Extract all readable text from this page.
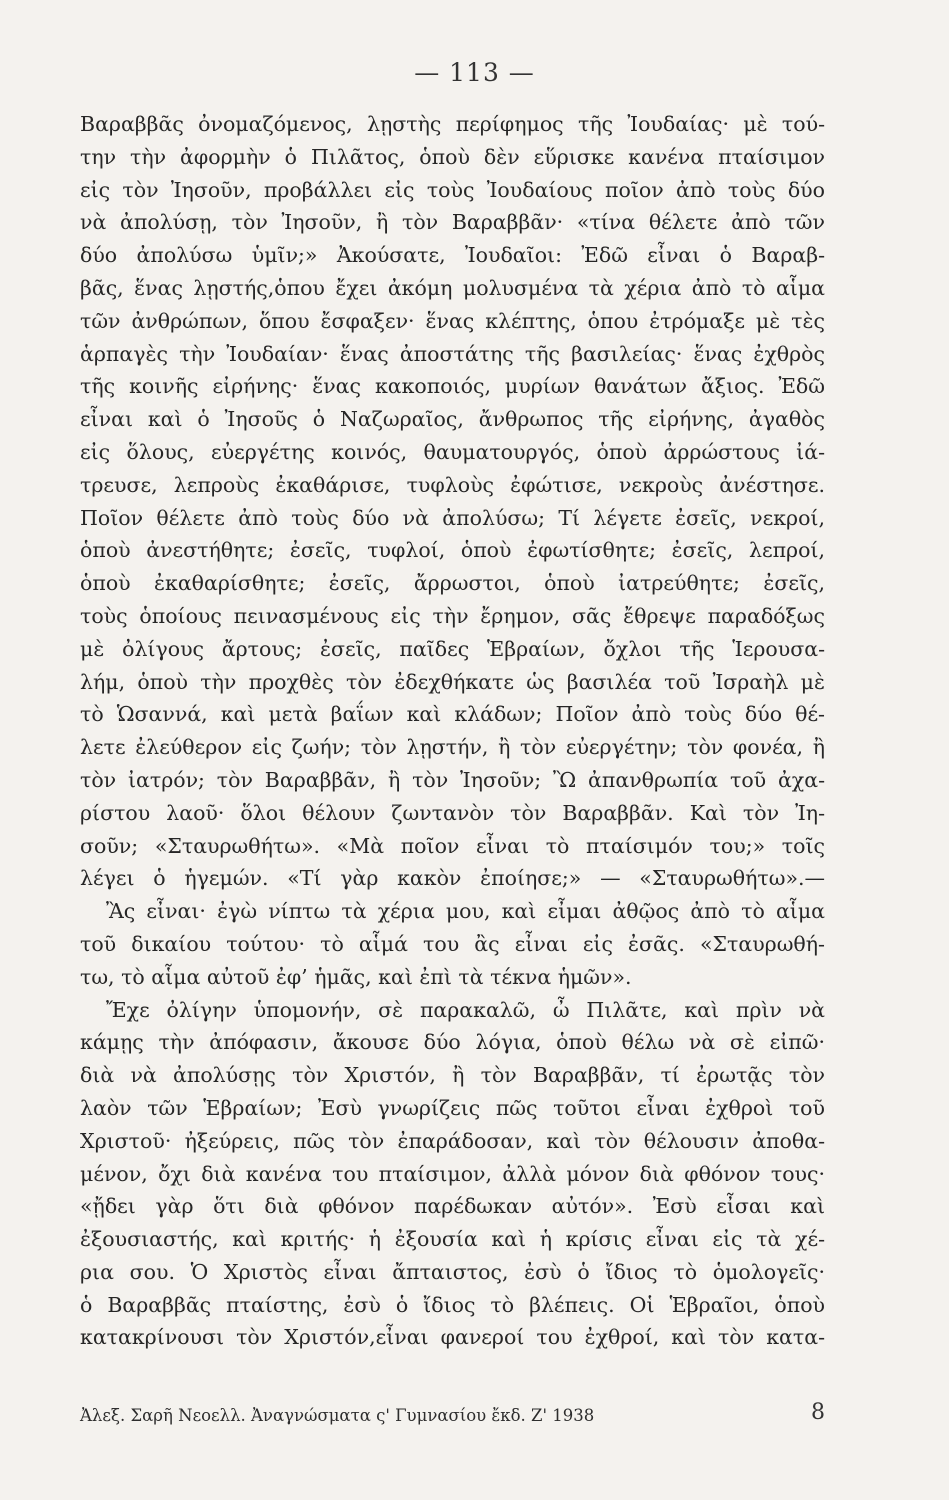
— 113 —
Βαραββᾶς ὀνομαζόμενος, λῃστὴς περίφημος τῆς Ἰουδαίας· μὲ τού-
την τὴν ἀφορμὴν ὁ Πιλᾶτος, ὁποὺ δὲν εὕρισκε κανένα πταίσιμον
εἰς τὸν Ἰησοῦν, προβάλλει εἰς τοὺς Ἰουδαίους ποῖον ἀπὸ τοὺς δύο
νὰ ἀπολύσῃ, τὸν Ἰησοῦν, ἢ τὸν Βαραββᾶν· «τίνα θέλετε ἀπὸ τῶν
δύο ἀπολύσω ὑμῖν;» Ἀκούσατε, Ἰουδαῖοι: Ἐδῶ εἶναι ὁ Βαραβ-
βᾶς, ἕνας λῃστής,ὁπου ἔχει ἀκόμη μολυσμένα τὰ χέρια ἀπὸ τὸ αἷμα
τῶν ἀνθρώπων, ὅπου ἔσφαξεν· ἕνας κλέπτης, ὁπου ἐτρόμαξε μὲ τὲς
ἁρπαγὲς τὴν Ἰουδαίαν· ἕνας ἀποστάτης τῆς βασιλείας· ἕνας ἐχθρὸς
τῆς κοινῆς εἰρήνης· ἕνας κακοποιός, μυρίων θανάτων ἄξιος. Ἐδῶ
εἶναι καὶ ὁ Ἰησοῦς ὁ Ναζωραῖος, ἄνθρωπος τῆς εἰρήνης, ἀγαθὸς
εἰς ὅλους, εὐεργέτης κοινός, θαυματουργός, ὁποὺ ἀρρώστους ἰά-
τρευσε, λεπροὺς ἐκαθάρισε, τυφλοὺς ἐφώτισε, νεκροὺς ἀνέστησε.
Ποῖον θέλετε ἀπὸ τοὺς δύο νὰ ἀπολύσω; Τί λέγετε ἐσεῖς, νεκροί,
ὁποὺ ἀνεστήθητε; ἐσεῖς, τυφλοί, ὁποὺ ἐφωτίσθητε; ἐσεῖς, λεπροί,
ὁποὺ ἐκαθαρίσθητε; ἐσεῖς, ἄρρωστοι, ὁποὺ ἰατρεύθητε; ἐσεῖς,
τοὺς ὁποίους πεινασμένους εἰς τὴν ἔρημον, σᾶς ἔθρεψε παραδόξως
μὲ ὀλίγους ἄρτους; ἐσεῖς, παῖδες Ἑβραίων, ὄχλοι τῆς Ἱερουσα-
λήμ, ὁποὺ τὴν προχθὲς τὸν ἐδεχθήκατε ὡς βασιλέα τοῦ Ἰσραὴλ μὲ
τὸ Ὡσαννά, καὶ μετὰ βαΐων καὶ κλάδων; Ποῖον ἀπὸ τοὺς δύο θέ-
λετε ἐλεύθερον εἰς ζωήν; τὸν λῃστήν, ἢ τὸν εὐεργέτην; τὸν φονέα, ἢ
τὸν ἰατρόν; τὸν Βαραββᾶν, ἢ τὸν Ἰησοῦν; Ὢ ἀπανθρωπία τοῦ ἀχα-
ρίστου λαοῦ· ὅλοι θέλουν ζωντανὸν τὸν Βαραββᾶν. Καὶ τὸν Ἰη-
σοῦν; «Σταυρωθήτω». «Μὰ ποῖον εἶναι τὸ πταίσιμόν του;» τοῖς
λέγει ὁ ἡγεμών. «Τί γὰρ κακὸν ἐποίησε;» — «Σταυρωθήτω».—
Ἂς εἶναι· ἐγὼ νίπτω τὰ χέρια μου, καὶ εἶμαι ἀθῷος ἀπὸ τὸ αἷμα
τοῦ δικαίου τούτου· τὸ αἷμά του ἂς εἶναι εἰς ἐσᾶς. «Σταυρωθή-
τω, τὸ αἷμα αὐτοῦ ἐφ’ ἡμᾶς, καὶ ἐπὶ τὰ τέκνα ἡμῶν».
Ἔχε ὀλίγην ὑπομονήν, σὲ παρακαλῶ, ὦ Πιλᾶτε, καὶ πρὶν νὰ
κάμῃς τὴν ἀπόφασιν, ἄκουσε δύο λόγια, ὁποὺ θέλω νὰ σὲ εἰπῶ·
διὰ νὰ ἀπολύσῃς τὸν Χριστόν, ἢ τὸν Βαραββᾶν, τί ἐρωτᾷς τὸν
λαὸν τῶν Ἑβραίων; Ἐσὺ γνωρίζεις πῶς τοῦτοι εἶναι ἐχθροὶ τοῦ
Χριστοῦ· ἠξεύρεις, πῶς τὸν ἐπαράδοσαν, καὶ τὸν θέλουσιν ἀποθα-
μένον, ὄχι διὰ κανένα του πταίσιμον, ἀλλὰ μόνον διὰ φθόνον τους·
«ᾔδει γὰρ ὅτι διὰ φθόνον παρέδωκαν αὐτόν». Ἐσὺ εἶσαι καὶ
ἐξουσιαστής, καὶ κριτής· ἡ ἐξουσία καὶ ἡ κρίσις εἶναι εἰς τὰ χέ-
ρια σου. Ὁ Χριστὸς εἶναι ἄπταιστος, ἐσὺ ὁ ἴδιος τὸ ὁμολογεῖς·
ὁ Βαραββᾶς πταίστης, ἐσὺ ὁ ἴδιος τὸ βλέπεις. Οἱ Ἑβραῖοι, ὁποὺ
κατακρίνουσι τὸν Χριστόν,εἶναι φανεροί του ἐχθροί, καὶ τὸν κατα-
Ἀλεξ. Σαρῆ Νεοελλ. Ἀναγνώσματα ς' Γυμνασίου ἔκδ. Ζ' 1938	8
